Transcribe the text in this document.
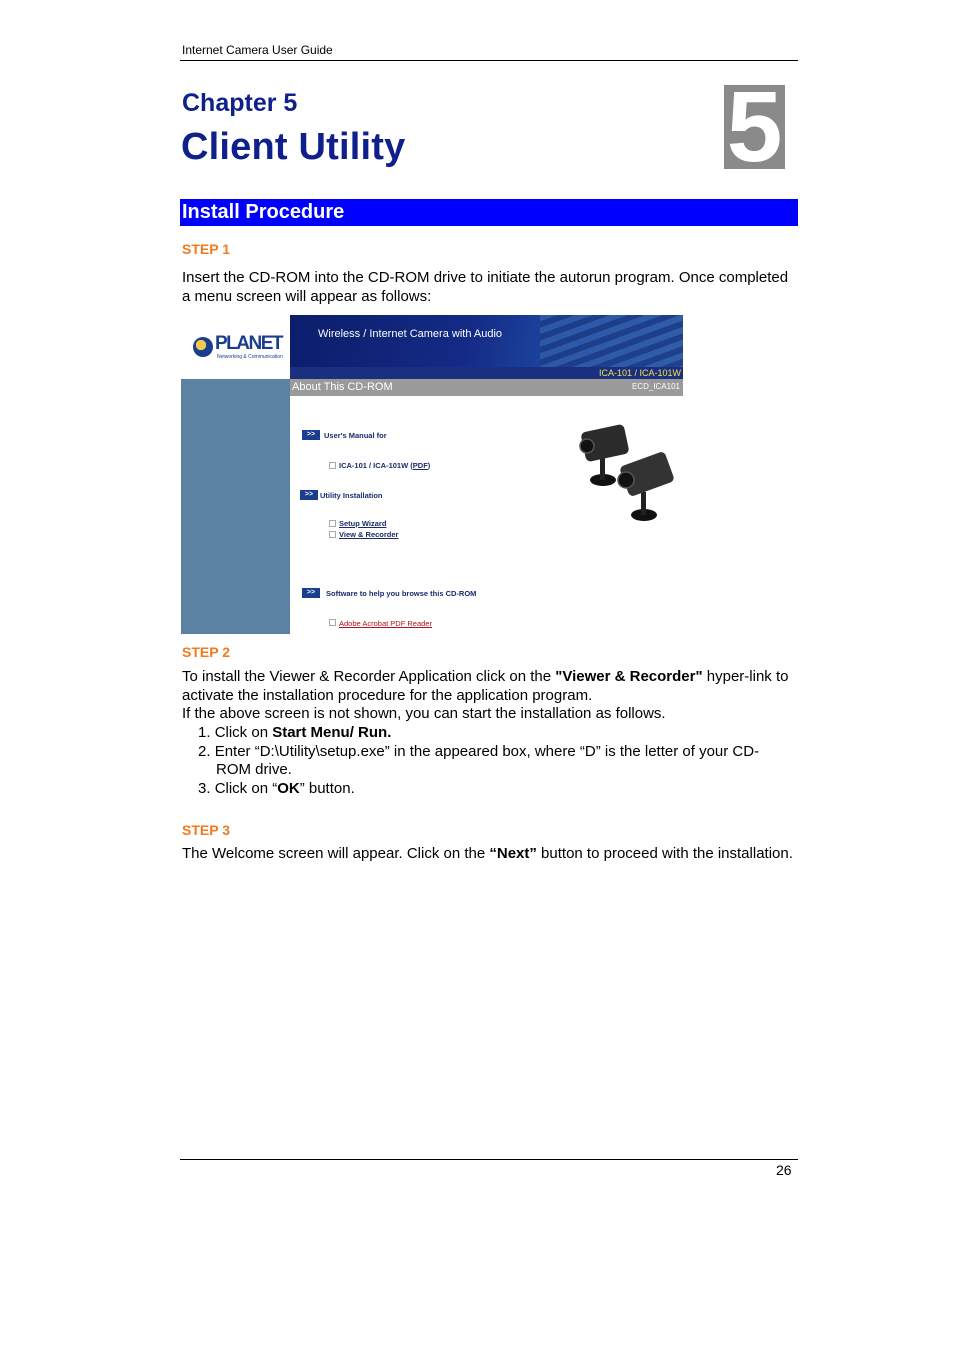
Internet Camera User Guide
Chapter 5
Client Utility	5
Install Procedure
STEP 1
Insert the CD-ROM into the CD-ROM drive to initiate the autorun program. Once completed a menu screen will appear as follows:
PLANET
Networking & Communication
Wireless / Internet Camera with Audio
ICA-101 / ICA-101W
About This CD-ROM	ECD_ICA101
>>	User's Manual for
ICA-101 / ICA-101W (PDF)
>> Utility Installation
Setup Wizard
View & Recorder
>>	Software to help you browse this CD-ROM
Adobe Acrobat PDF Reader
STEP 2
To install the Viewer & Recorder Application click on the "Viewer & Recorder" hyper-link to activate the installation procedure for the application program.
If the above screen is not shown, you can start the installation as follows.
1. Click on Start Menu/ Run.
2. Enter “D:\Utility\setup.exe” in the appeared box, where “D” is the letter of your CD-ROM drive.
3. Click on “OK” button.
STEP 3
The Welcome screen will appear. Click on the “Next” button to proceed with the installation.
26
